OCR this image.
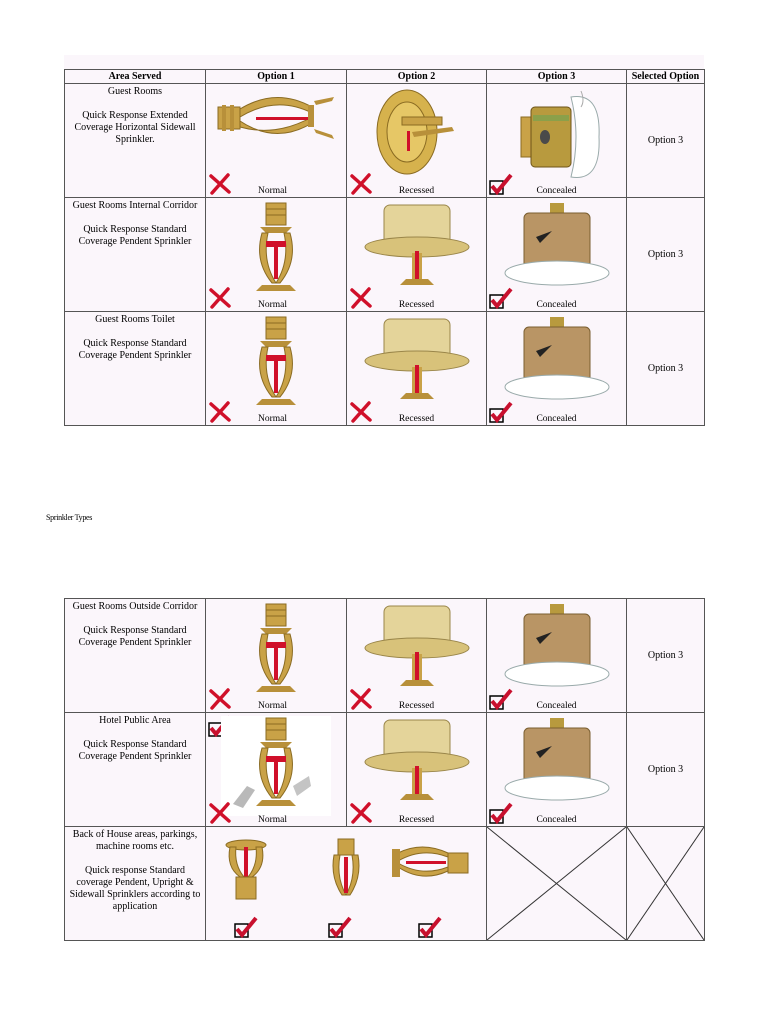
Area Served	Option 1	Option 2	Option 3	Selected Option

Guest Rooms
Quick Response Extended Coverage Horizontal Sidewall Sprinkler.	Normal	Recessed	Concealed	Option 3

Guest Rooms Internal Corridor
Quick Response Standard Coverage Pendent Sprinkler	Normal	Recessed	Concealed	Option 3

Guest Rooms Toilet
Quick Response Standard Coverage Pendent Sprinkler	Normal	Recessed	Concealed	Option 3
Sprinkler Types
Guest Rooms Outside Corridor
Quick Response Standard Coverage Pendent Sprinkler	Normal	Recessed	Concealed	Option 3

Hotel Public Area
Quick Response Standard Coverage Pendent Sprinkler	Normal	Recessed	Concealed	Option 3

Back of House areas, parkings, machine rooms etc.
Quick response Standard coverage Pendent, Upright & Sidewall Sprinklers according to application
